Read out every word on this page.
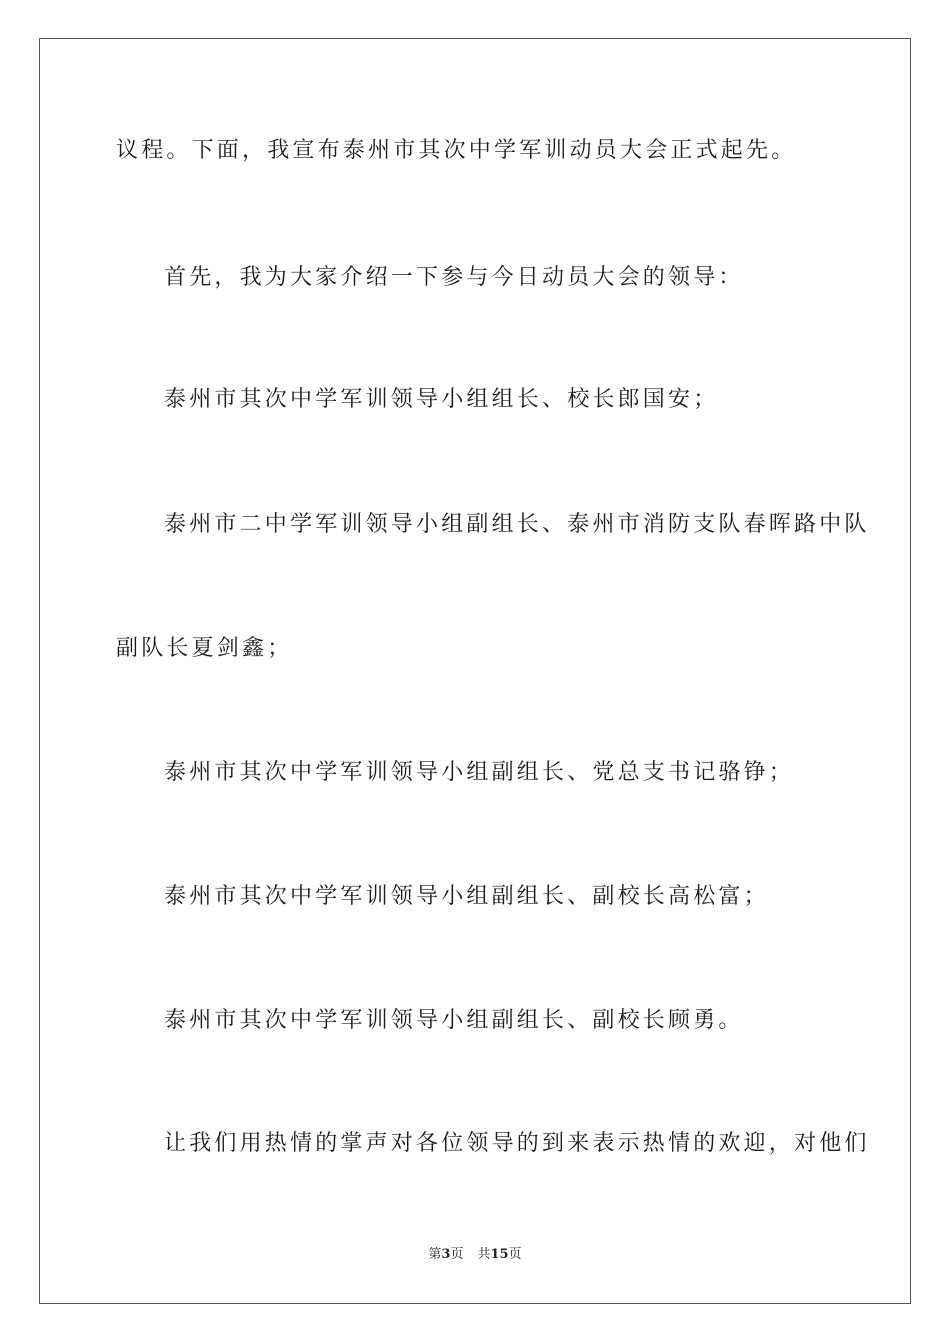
议程。下面，我宣布泰州市其次中学军训动员大会正式起先。
首先，我为大家介绍一下参与今日动员大会的领导：
泰州市其次中学军训领导小组组长、校长郎国安；
泰州市二中学军训领导小组副组长、泰州市消防支队春晖路中队
副队长夏剑鑫；
泰州市其次中学军训领导小组副组长、党总支书记骆铮；
泰州市其次中学军训领导小组副组长、副校长高松富；
泰州市其次中学军训领导小组副组长、副校长顾勇。
让我们用热情的掌声对各位领导的到来表示热情的欢迎，对他们
第3页 共15页
